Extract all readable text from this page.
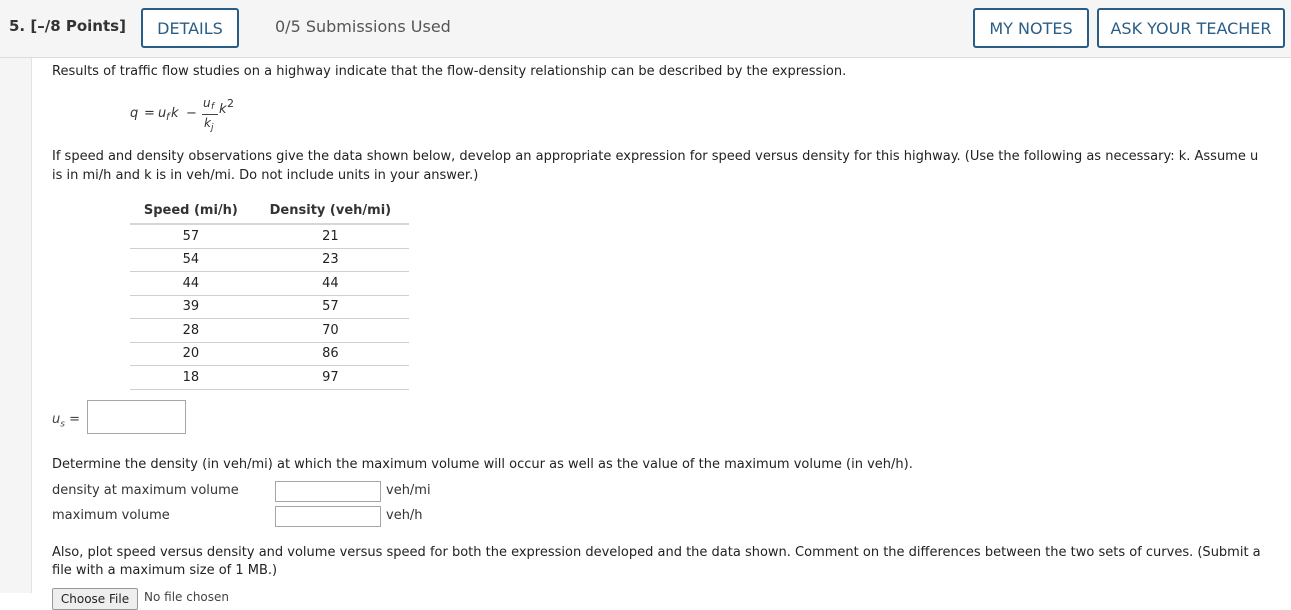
5. [–/8 Points]	DETAILS	0/5 Submissions Used	MY NOTES	ASK YOUR TEACHER
Results of traffic flow studies on a highway indicate that the flow-density relationship can be described by the expression.
q = u f k −
u f
k j
k 2
If speed and density observations give the data shown below, develop an appropriate expression for speed versus density for this highway. (Use the following as necessary: k. Assume u
is in mi/h and k is in veh/mi. Do not include units in your answer.)
Speed (mi/h)	Density (veh/mi)
57	21
54	23
44	44
39	57
28	70
20	86
18	97
$u_s$ =
Determine the density (in veh/mi) at which the maximum volume will occur as well as the value of the maximum volume (in veh/h).
density at maximum volume	veh/mi
maximum volume	veh/h
Also, plot speed versus density and volume versus speed for both the expression developed and the data shown. Comment on the differences between the two sets of curves. (Submit a
file with a maximum size of 1 MB.)
Choose File	No file chosen
